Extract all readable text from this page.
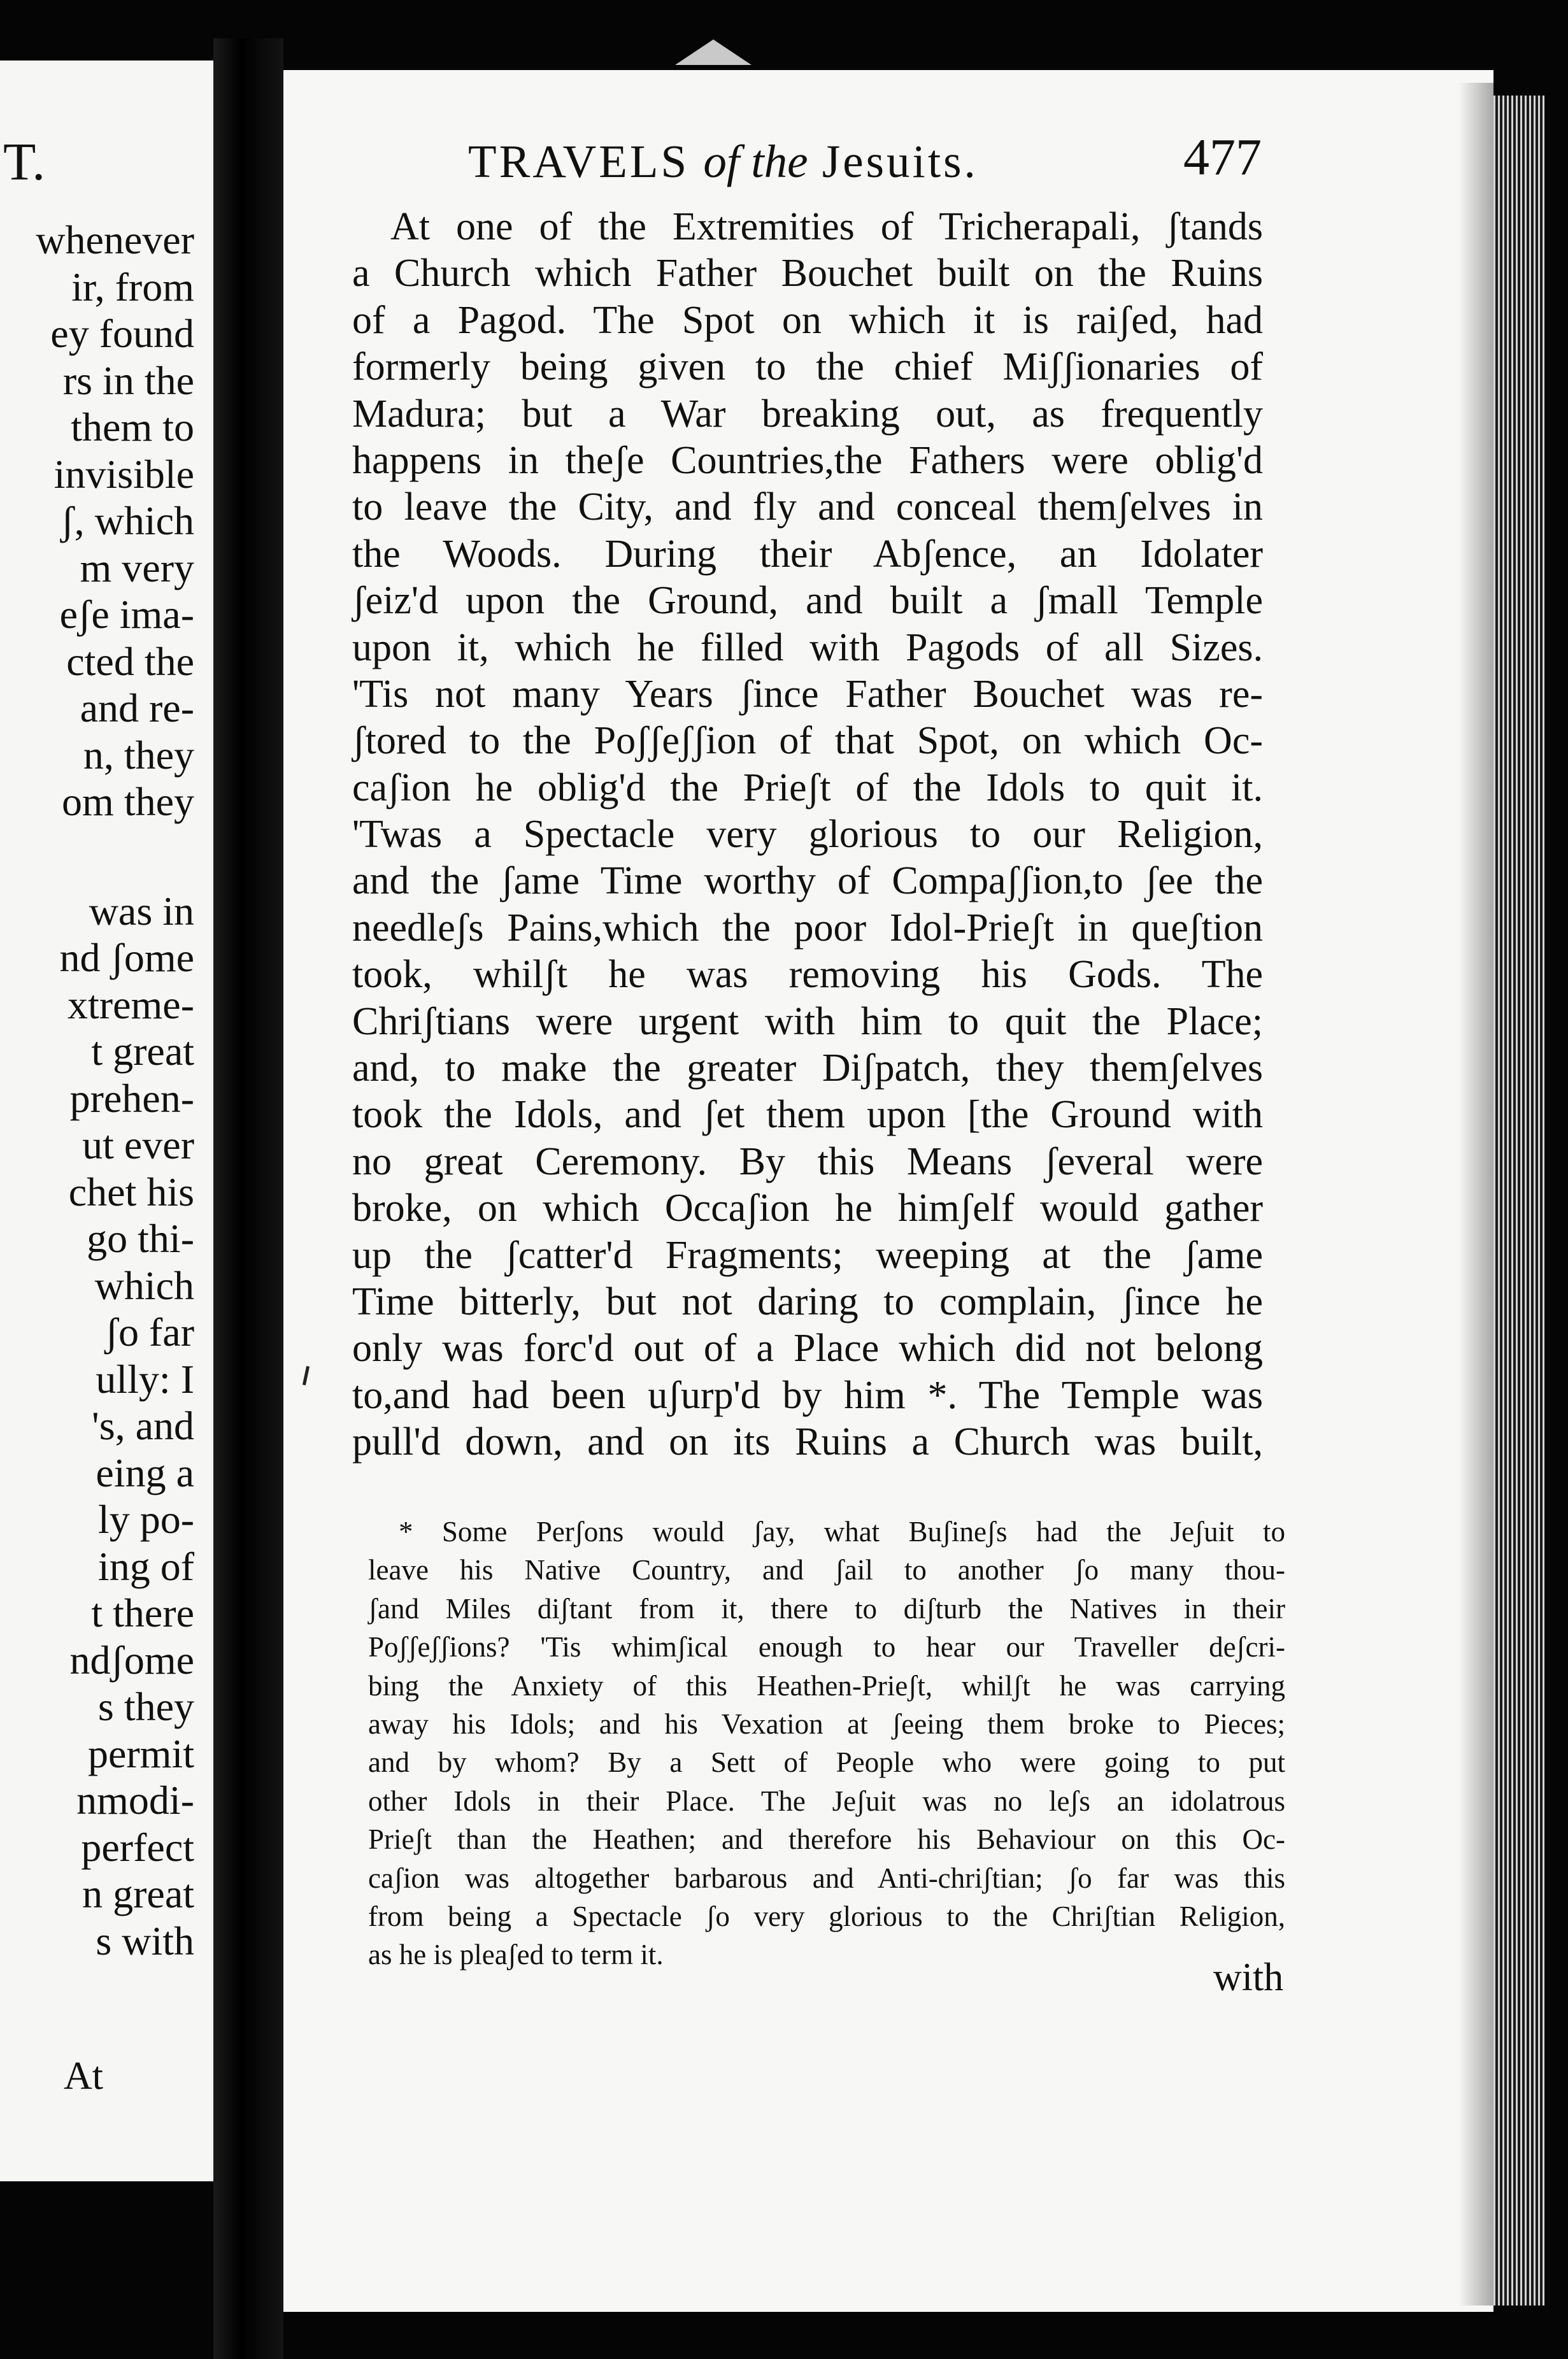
T.
whenever
ir, from
ey found
rs in the
them to
invisible
ʃ, which
m very
eʃe ima-
cted the
and re-
n, they
om they
was in
nd ʃome
xtreme-
t great
prehen-
ut ever
chet his
go thi-
which
ʃo far
ully: I
's, and
eing a
ly po-
ing of
t there
ndʃome
s they
permit
nmodi-
perfect
n great
s with
At
TRAVELS of the Jesuits.	477
At one of the Extremities of Tricherapali, ʃtands
a Church which Father Bouchet built on the Ruins
of a Pagod. The Spot on which it is raiʃed, had
formerly being given to the chief Miʃʃionaries of
Madura; but a War breaking out, as frequently
happens in theʃe Countries,the Fathers were oblig'd
to leave the City, and fly and conceal themʃelves in
the Woods. During their Abʃence, an Idolater
ʃeiz'd upon the Ground, and built a ʃmall Temple
upon it, which he filled with Pagods of all Sizes.
'Tis not many Years ʃince Father Bouchet was re-
ʃtored to the Poʃʃeʃʃion of that Spot, on which Oc-
caʃion he oblig'd the Prieʃt of the Idols to quit it.
'Twas a Spectacle very glorious to our Religion,
and the ʃame Time worthy of Compaʃʃion,to ʃee the
needleʃs Pains,which the poor Idol-Prieʃt in queʃtion
took, whilʃt he was removing his Gods. The
Chriʃtians were urgent with him to quit the Place;
and, to make the greater Diʃpatch, they themʃelves
took the Idols, and ʃet them upon [the Ground with
no great Ceremony. By this Means ʃeveral were
broke, on which Occaʃion he himʃelf would gather
up the ʃcatter'd Fragments; weeping at the ʃame
Time bitterly, but not daring to complain, ʃince he
only was forc'd out of a Place which did not belong
to,and had been uʃurp'd by him *. The Temple was
pull'd down, and on its Ruins a Church was built,
* Some Perʃons would ʃay, what Buʃineʃs had the Jeʃuit to
leave his Native Country, and ʃail to another ʃo many thou-
ʃand Miles diʃtant from it, there to diʃturb the Natives in their
Poʃʃeʃʃions? 'Tis whimʃical enough to hear our Traveller deʃcri-
bing the Anxiety of this Heathen-Prieʃt, whilʃt he was carrying
away his Idols; and his Vexation at ʃeeing them broke to Pieces;
and by whom? By a Sett of People who were going to put
other Idols in their Place. The Jeʃuit was no leʃs an idolatrous
Prieʃt than the Heathen; and therefore his Behaviour on this Oc-
caʃion was altogether barbarous and Anti-chriʃtian; ʃo far was this
from being a Spectacle ʃo very glorious to the Chriʃtian Religion,
as he is pleaʃed to term it.
with
